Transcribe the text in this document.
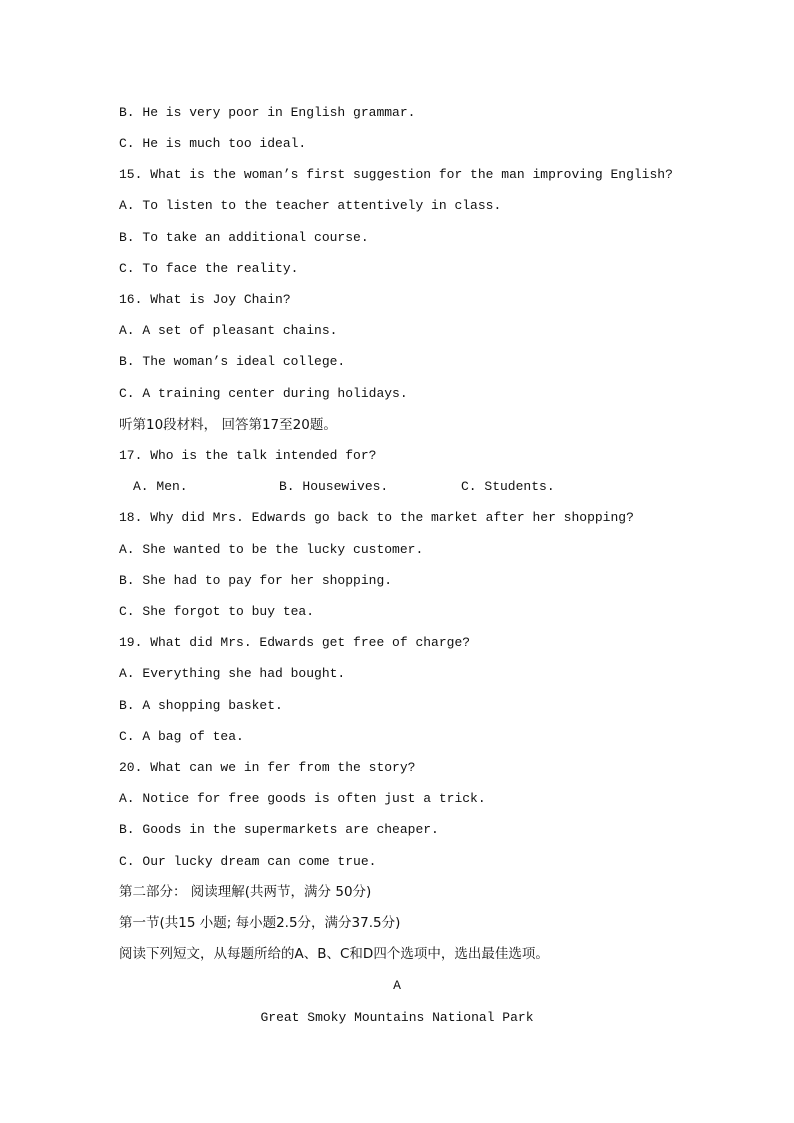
B. He is very poor in English grammar.
C. He is much too ideal.
15. What is the woman’s first suggestion for the man improving English?
A. To listen to the teacher attentively in class.
B. To take an additional course.
C. To face the reality.
16. What is Joy Chain?
A. A set of pleasant chains.
B. The woman’s ideal college.
C. A training center during holidays.
听第10段材料， 回答第17至20题。
17. Who is the talk intended for?

A. Men.

	B. Housewives.

	C. Students.

18. Why did Mrs. Edwards go back to the market after her shopping?
A. She wanted to be the lucky customer.
B. She had to pay for her shopping.
C. She forgot to buy tea.
19. What did Mrs. Edwards get free of charge?
A. Everything she had bought.
B. A shopping basket.
C. A bag of tea.
20. What can we in fer from the story?
A. Notice for free goods is often just a trick.
B. Goods in the supermarkets are cheaper.
C. Our lucky dream can come true.
第二部分： 阅读理解(共两节，满分 50分)
第一节(共15 小题; 每小题2.5分，满分37.5分)
阅读下列短文，从每题所给的A、B、C和D四个选项中，选出最佳选项。
A
Great Smoky Mountains National Park
